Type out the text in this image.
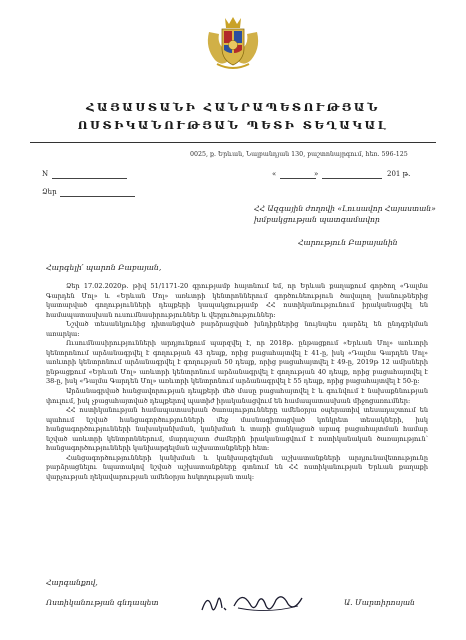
ՀԱՅԱՍՏԱՆԻ ՀԱՆՐԱՊԵՏՈՒԹՅԱՆ
ՈՍՏԻԿԱՆՈՒԹՅԱՆ ՊԵՏԻ ՏԵՂԱԿԱԼ
0025, ք. Երևան, Նալբանդյան 130, բաշտոնայրգում, հեռ. 596-125
N	«	»	201 թ.
Ձեր
ՀՀ Ազգային ժողովի «Լուսավոր Հայաստան»
խմբակցության պատգամավոր
Հարություն Բաբայանին
Հարգելի՛ պարոն Բաբայան,

Ձեր 17.02.2020թ. թիվ 51/1171-20 գրությամբ հայտնում եմ, որ Երևան քաղաքում գործող «Դալմա Գարդեն Մոլ» և «Երևան Մոլ» առևտրի կենտրոններում գործունեություն ծավալող խանութներից կատարված գողությունների դեպքերի կապակցությամբ ՀՀ ոստիկանությունում իրականացվել են համապատասխան ուսումնասիրություններ և վերլուծություններ:

Նշված տեսանկյունից դիտանցված բարձրացված խնդիրներից նույնպես դարձել են ընդգրկման առարկա:

Ուսումնասիրությունների արդյունքում պարզվել է, որ 2018թ. ընթացքում «Երևան Մոլ» առևտրի կենտրոնում արձանագրվել է գողության 43 դեպք, որից բացահայտվել է 41-ը, իսկ «Դալմա Գարդեն Մոլ» առևտրի կենտրոնում արձանագրվել է գողության 50 դեպք, որից բացահայտվել է 49-ը, 2019թ 12 ամիսների ընթացքում «Երևան Մոլ» առևտրի կենտրոնում արձանագրվել է գողության 40 դեպք, որից բացահայտվել է 38-ը, իսկ «Դալմա Գարդեն Մոլ» առևտրի կենտրոնում արձանագրվել է 55 դեպք, որից բացահայտվել է 50-ը:

Արձանագրված հանցավորության դեպքերի մեծ մասը բացահայտվել է և գունվում է նախաքննության փուլում, իսկ չբացահայտված դեպքերով պատիժ իրականացվում են համապատասխան միջոցառումներ:

ՀՀ ոստիկանության համապատասխան ծառայությունները ամենօրյա օպերատիվ տեսադաշտում են պահում նշված հանցագործությունների մեջ մասնագիտացված կոնկրետ տեսակների, իսկ հանցագործությունների նախականխման, կանխման և տարի ցանկացած արագ բացահայտման համար նշված առևտրի կենտրոններում, մարդաշատ ժամերին իրականացվում է ոստիկանական ծառայություն՝ հանցագործությունների կանխարգելման աշխատանքների հետ:

Հանցագործությունների կանխման և կանխարգելման աշխատանքների արդյունավետությունը բարձրացնելու նպատակով նշված աշխատանքները գտնում են ՀՀ ոստիկանության Երևան քաղաքի վարչության ղեկավարության ամենօրյա հսկողության տակ:

Հարգանքով,
Ոստիկանության գնդապետ	Ա. Մարտիրոսյան
